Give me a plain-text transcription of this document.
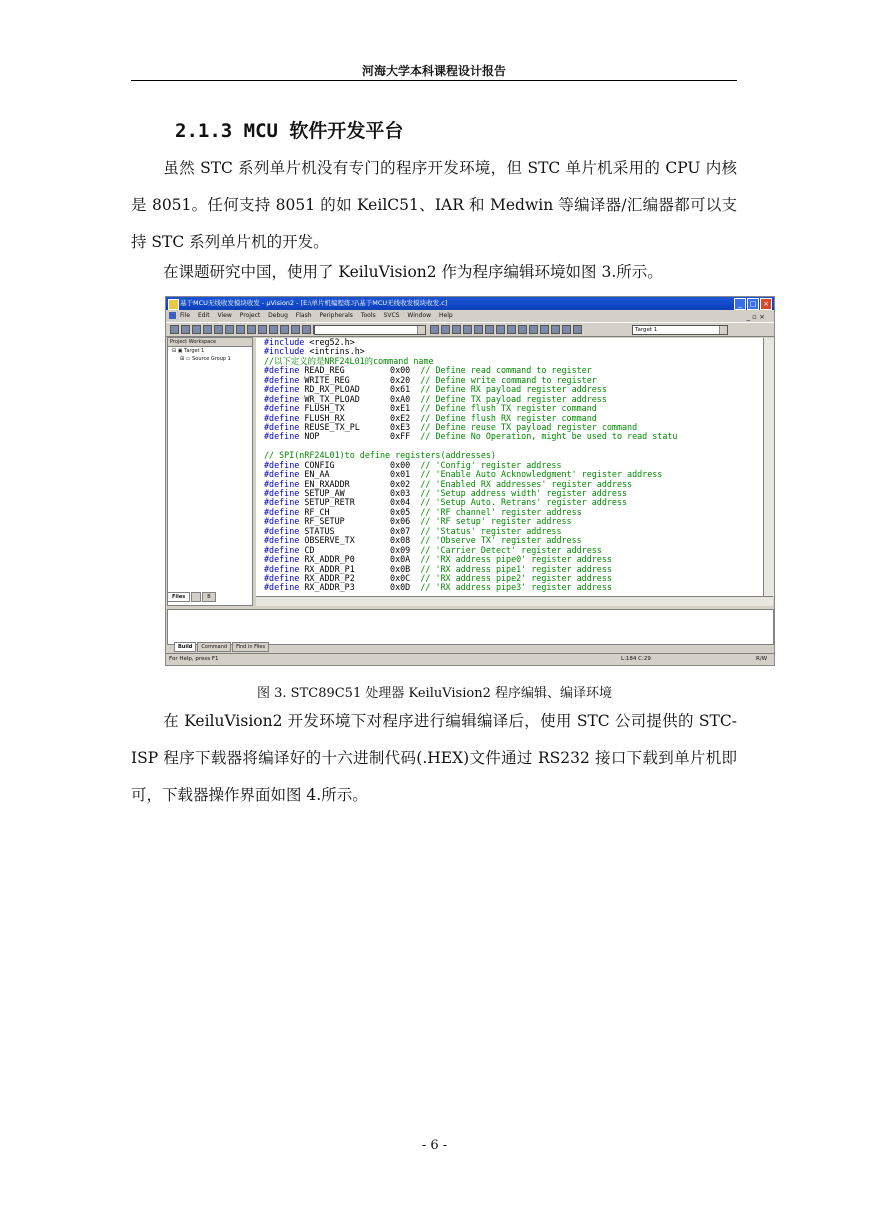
河海大学本科课程设计报告
2.1.3 MCU 软件开发平台
虽然 STC 系列单片机没有专门的程序开发环境，但 STC 单片机采用的 CPU 内核是 8051。任何支持 8051 的如 KeilC51、IAR 和 Medwin 等编译器/汇编器都可以支持 STC 系列单片机的开发。
在课题研究中国，使用了 KeiluVision2 作为程序编辑环境如图 3.所示。
基于MCU无线收发模块收发 - μVision2 - [E:\单片机编程练习\基于MCU无线收发模块收发.c]	_	□ ×
File Edit View Project Debug Flash Peripherals Tools SVCS Window Help	_ ▫ ×
Target 1
Project Workspace
⊟ ▣ Target 1
⊞ ▭ Source Group 1
Files	B
#include <reg52.h>
#include <intrins.h>
//以下定义的是NRF24L01的command name
#define READ_REG         0x00  // Define read command to register
#define WRITE_REG        0x20  // Define write command to register
#define RD_RX_PLOAD      0x61  // Define RX payload register address
#define WR_TX_PLOAD      0xA0  // Define TX payload register address
#define FLUSH_TX         0xE1  // Define flush TX register command
#define FLUSH_RX         0xE2  // Define flush RX register command
#define REUSE_TX_PL      0xE3  // Define reuse TX payload register command
#define NOP              0xFF  // Define No Operation, might be used to read statu
// SPI(nRF24L01)to define registers(addresses)
#define CONFIG           0x00  // 'Config' register address
#define EN_AA            0x01  // 'Enable Auto Acknowledgment' register address
#define EN_RXADDR        0x02  // 'Enabled RX addresses' register address
#define SETUP_AW         0x03  // 'Setup address width' register address
#define SETUP_RETR       0x04  // 'Setup Auto. Retrans' register address
#define RF_CH            0x05  // 'RF channel' register address
#define RF_SETUP         0x06  // 'RF setup' register address
#define STATUS           0x07  // 'Status' register address
#define OBSERVE_TX       0x08  // 'Observe TX' register address
#define CD               0x09  // 'Carrier Detect' register address
#define RX_ADDR_P0       0x0A  // 'RX address pipe0' register address
#define RX_ADDR_P1       0x0B  // 'RX address pipe1' register address
#define RX_ADDR_P2       0x0C  // 'RX address pipe2' register address
#define RX_ADDR_P3       0x0D  // 'RX address pipe3' register address
Build	Command	Find in Files
For Help, press F1	L:184 C:29	R/W
图 3. STC89C51 处理器 KeiluVision2 程序编辑、编译环境
在 KeiluVision2 开发环境下对程序进行编辑编译后，使用 STC 公司提供的 STC-ISP 程序下载器将编译好的十六进制代码(.HEX)文件通过 RS232 接口下载到单片机即可，下载器操作界面如图 4.所示。
- 6 -
